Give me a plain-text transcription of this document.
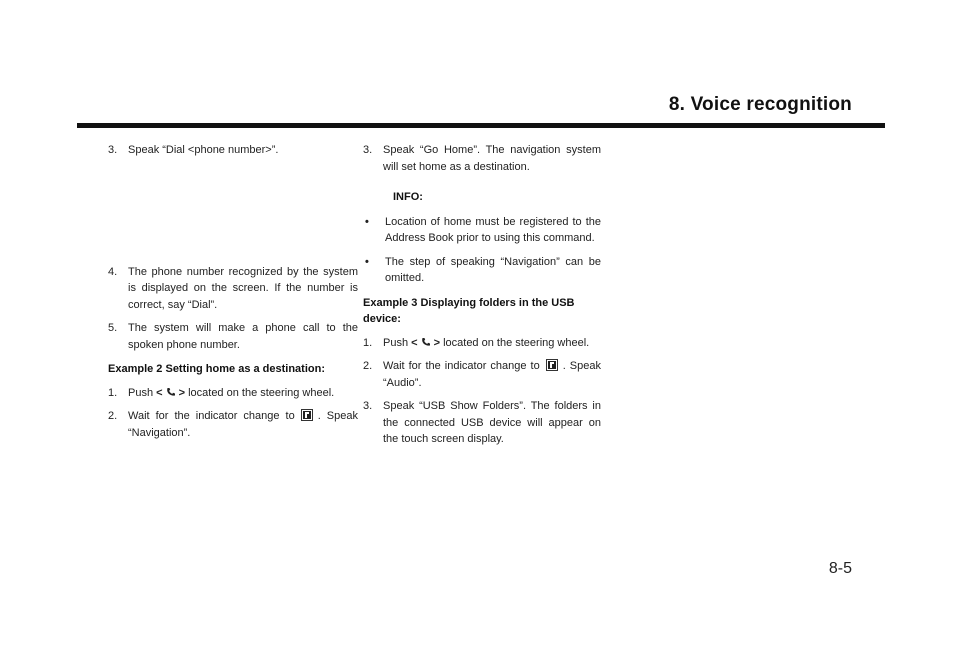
8. Voice recognition
3. Speak “Dial <phone number>”.
4. The phone number recognized by the system is displayed on the screen. If the number is correct, say “Dial”.
5. The system will make a phone call to the spoken phone number.

Example 2 Setting home as a destination:

1. Push < > located on the steering wheel.
2. Wait for the indicator change to . Speak “Navigation”.
3. Speak “Go Home”. The navigation system will set home as a destination.

INFO:

•	Location of home must be registered to the Address Book prior to using this command.
•	The step of speaking “Navigation” can be omitted.

Example 3 Displaying folders in the USB device:

1. Push < > located on the steering wheel.
2. Wait for the indicator change to . Speak “Audio”.
3. Speak “USB Show Folders”. The folders in the connected USB device will appear on the touch screen display.
8-5
